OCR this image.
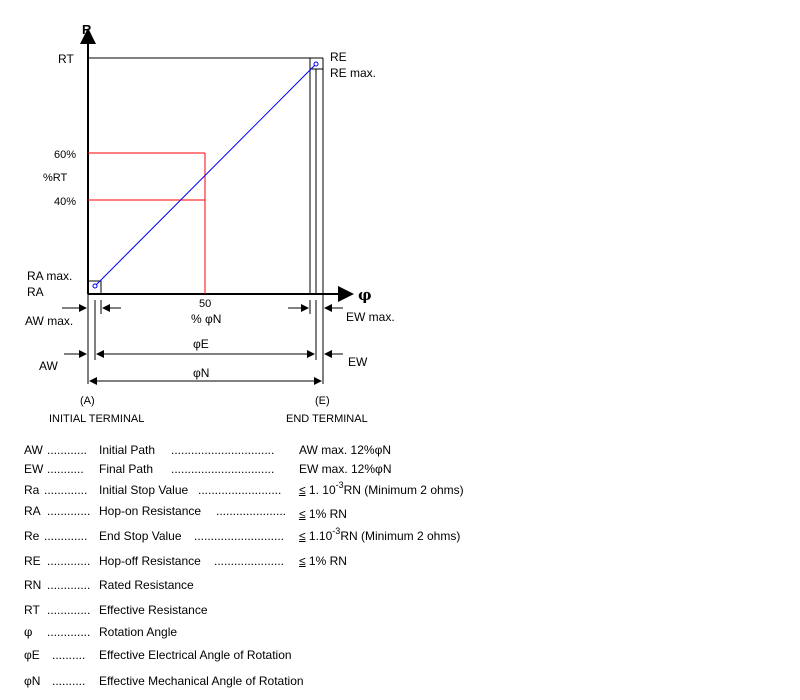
R
φ
RT	RE
RE max.
RA max.
RA
60%
%RT
40%
50
% φN
AW max.	EW max.
φE
AW	EW
φN
(A)
INITIAL TERMINAL
(E)
END TERMINAL
AW ............ Initial Path ............................... AW max. 12%φN
EW ........... Final Path ............................... EW max. 12%φN
Ra ............. Initial Stop Value ......................... ≤ 1. $10^{-3}RN$ (Minimum 2 ohms)
RA ............. Hop-on Resistance ..................... ≤ 1% RN
Re ............. End Stop Value ........................... ≤ $1.10^{-3}RN$ (Minimum 2 ohms)
RE ............. Hop-off Resistance ..................... ≤ 1% RN
RN ............. Rated Resistance
RT ............. Effective Resistance
φ ............. Rotation Angle
φE .......... Effective Electrical Angle of Rotation
φN .......... Effective Mechanical Angle of Rotation
